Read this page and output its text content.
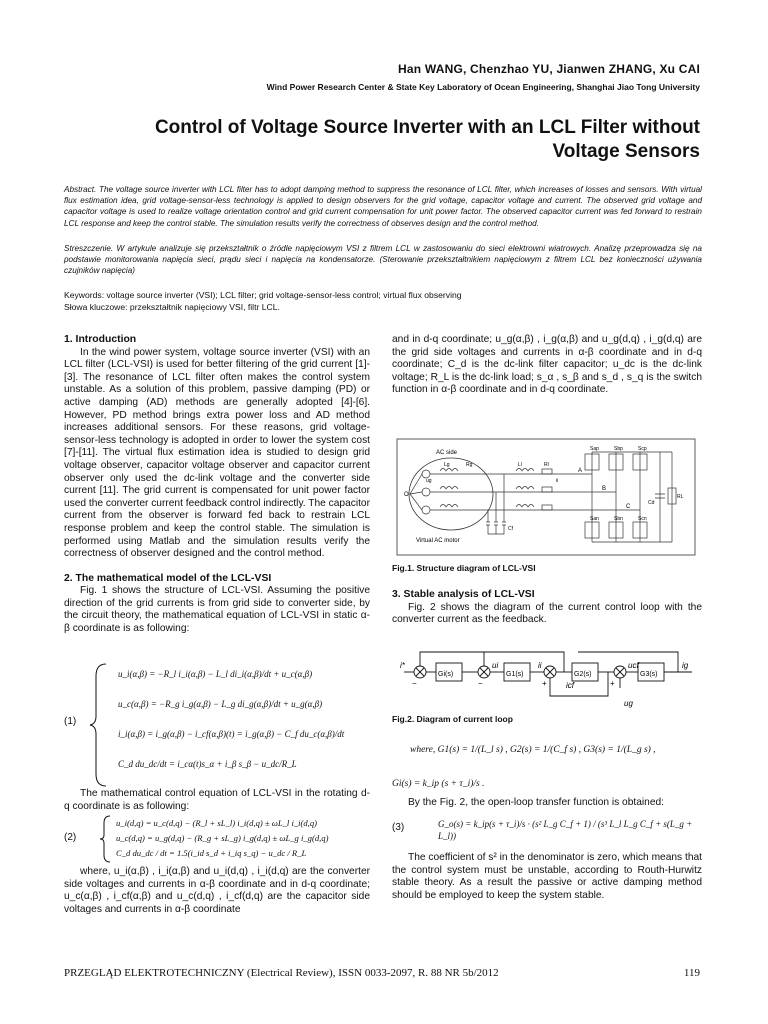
Han WANG, Chenzhao YU, Jianwen ZHANG, Xu CAI
Wind Power Research Center & State Key Laboratory of Ocean Engineering, Shanghai Jiao Tong University
Control of Voltage Source Inverter with an LCL Filter without Voltage Sensors
Abstract. The voltage source inverter with LCL filter has to adopt damping method to suppress the resonance of LCL filter, which increases of losses and sensors. With virtual flux estimation idea, grid voltage-sensor-less technology is applied to design observers for the grid voltage, capacitor voltage and current. The observed grid voltage and capacitor voltage is used to realize voltage orientation control and grid current compensation for unit power factor. The observed capacitor current was fed forward to restrain LCL response and keep the control stable. The simulation results verify the correctness of observes design and the control method.
Streszczenie. W artykule analizuje się przekształtnik o źródle napięciowym VSI z filtrem LCL w zastosowaniu do sieci elektrowni wiatrowych. Analizę przeprowadza się na podstawie monitorowania napięcia sieci, prądu sieci i napięcia na kondensatorze. (Sterowanie przekształtnikiem napięciowym z filtrem LCL bez konieczności używania czujników napięcia)
Keywords: voltage source inverter (VSI); LCL filter; grid voltage-sensor-less control; virtual flux observing
Słowa kluczowe: przekształtnik napięciowy VSI, filtr LCL.
1. Introduction

In the wind power system, voltage source inverter (VSI) with an LCL filter (LCL-VSI) is used for better filtering of the grid current [1]-[3]. The resonance of LCL filter often makes the control system unstable. As a solution of this problem, passive damping (PD) or active damping (AD) methods are generally adopted [4]-[6]. However, PD method brings extra power loss and AD method increases additional sensors. For these reasons, grid voltage-sensor-less technology is adopted in order to lower the system cost [7]-[11]. The virtual flux estimation idea is studied to design grid voltage observer, capacitor voltage observer and capacitor current observer only used the dc-link voltage and the converter side current [11]. The grid current is compensated for unit power factor used the converter current feedback control indirectly. The capacitor current from the observer is forward fed back to restrain LCL response problem and keep the control stable. The simulation is performed using Matlab and the simulation results verify the correctness of observer designed and the control method.

2. The mathematical model of the LCL-VSI

Fig. 1 shows the structure of LCL-VSI. Assuming the positive direction of the grid currents is from grid side to converter side, by the circuit theory, the mathematical equation of LCL-VSI in static α-β coordinate is as following:

(1)
u_i(α,β) = −R_l i_i(α,β) − L_l di_i(α,β)/dt + u_c(α,β)
u_c(α,β) = −R_g i_g(α,β) − L_g di_g(α,β)/dt + u_g(α,β)
i_i(α,β) = i_g(α,β) − i_cf(α,β)(t) = i_g(α,β) − C_f du_c(α,β)/dt
C_d du_dc/dt = i_cα(t)s_α + i_β s_β − u_dc/R_L

The mathematical control equation of LCL-VSI in the rotating d-q coordinate is as following:

(2)
u_i(d,q) = u_c(d,q) − (R_l + sL_l) i_i(d,q) ± ωL_l i_i(d,q)
u_c(d,q) = u_g(d,q) − (R_g + sL_g) i_g(d,q) ± ωL_g i_g(d,q)
C_d du_dc / dt = 1.5(i_id s_d + i_iq s_q) − u_dc / R_L

where, u_i(α,β) , i_i(α,β) and u_i(d,q) , i_i(d,q) are the converter side voltages and currents in α-β coordinate and in d-q coordinate; u_c(α,β) , i_cf(α,β) and u_c(d,q) , i_cf(d,q) are the capacitor side voltages and currents in α-β coordinate

and in d-q coordinate; u_g(α,β) , i_g(α,β) and u_g(d,q) , i_g(d,q) are the grid side voltages and currents in α-β coordinate and in d-q coordinate; C_d is the dc-link filter capacitor; u_dc is the dc-link voltage; R_L is the dc-link load; s_α , s_β and s_d , s_q is the switch function in α-β coordinate and in d-q coordinate.

AC side
Virtual AC motor
O
Sap	Sbp	Scp
San	Sbn	Scn
A
B
C
Cd
RL
ug	ii
Ll
Lg	Rg	Rl
Cf
Fig.1. Structure diagram of LCL-VSI
3. Stable analysis of LCL-VSI

Fig. 2 shows the diagram of the current control loop with the converter current as the feedback.

Gi(s)	G1(s)	G2(s)	G3(s)
i*	ui	ii	ucf	ig
icf
ug
−	−	+	+
Fig.2. Diagram of current loop
where, G1(s) = 1/(L_l s) , G2(s) = 1/(C_f s) , G3(s) = 1/(L_g s) ,
Gi(s) = k_ip (s + τ_i)/s .

By the Fig. 2, the open-loop transfer function is obtained:

(3)	G_o(s) = k_ip(s + τ_i)/s · (s² L_g C_f + 1) / (s³ L_l L_g C_f + s(L_g + L_l))

The coefficient of s² in the denominator is zero, which means that the control system must be unstable, according to Routh-Hurwitz stable theory. As a result the passive or active damping method should be employed to keep the system stable.

PRZEGLĄD ELEKTROTECHNICZNY (Electrical Review), ISSN 0033-2097, R. 88 NR 5b/2012	119
